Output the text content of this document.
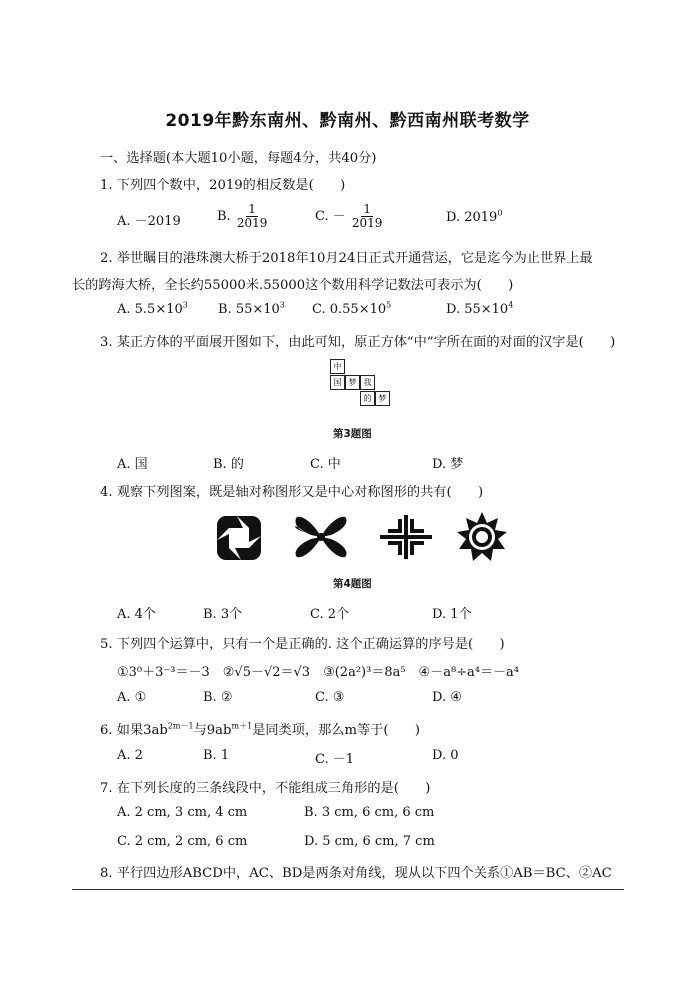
2019年黔东南州、黔南州、黔西南州联考数学
一、选择题(本大题10小题，每题4分，共40分)
1. 下列四个数中，2019的相反数是(　　)
A. －2019	B. $\frac{1}{2019}$	C. － $\frac{1}{2019}$	D. 2019$^0$
2. 举世瞩目的港珠澳大桥于2018年10月24日正式开通营运，它是迄今为止世界上最
长的跨海大桥，全长约55000米.55000这个数用科学记数法可表示为(　　)
A. $5.5\times 10^3$ B. $55\times 10^3$ C. $0.55\times 10^5$	D. $55\times 10^4$
3. 某正方体的平面展开图如下，由此可知，原正方体“中”字所在面的对面的汉字是(　　)
中
国 梦 我
的 梦
第3题图
A. 国	B. 的	C. 中	D. 梦
4. 观察下列图案，既是轴对称图形又是中心对称图形的共有(　　)
第4题图
A. 4个	B. 3个	C. 2个	D. 1个
5. 下列四个运算中，只有一个是正确的. 这个正确运算的序号是(　　)
①3⁰＋3⁻³＝－3　②√5－√2＝√3　③(2a²)³＝8a⁵　④－a⁸÷a⁴＝－a⁴
A. ①	B. ②	C. ③	D. ④
6. 如果$3ab^{2m-1}$与$9ab^{m+1}$是同类项，那么m等于(　　)
A. 2	B. 1	C. －1	D. 0
7. 在下列长度的三条线段中，不能组成三角形的是(　　)
A. 2 cm, 3 cm, 4 cm	B. 3 cm, 6 cm, 6 cm
C. 2 cm, 2 cm, 6 cm	D. 5 cm, 6 cm, 7 cm
8. 平行四边形ABCD中，AC、BD是两条对角线，现从以下四个关系①AB＝BC、②AC
